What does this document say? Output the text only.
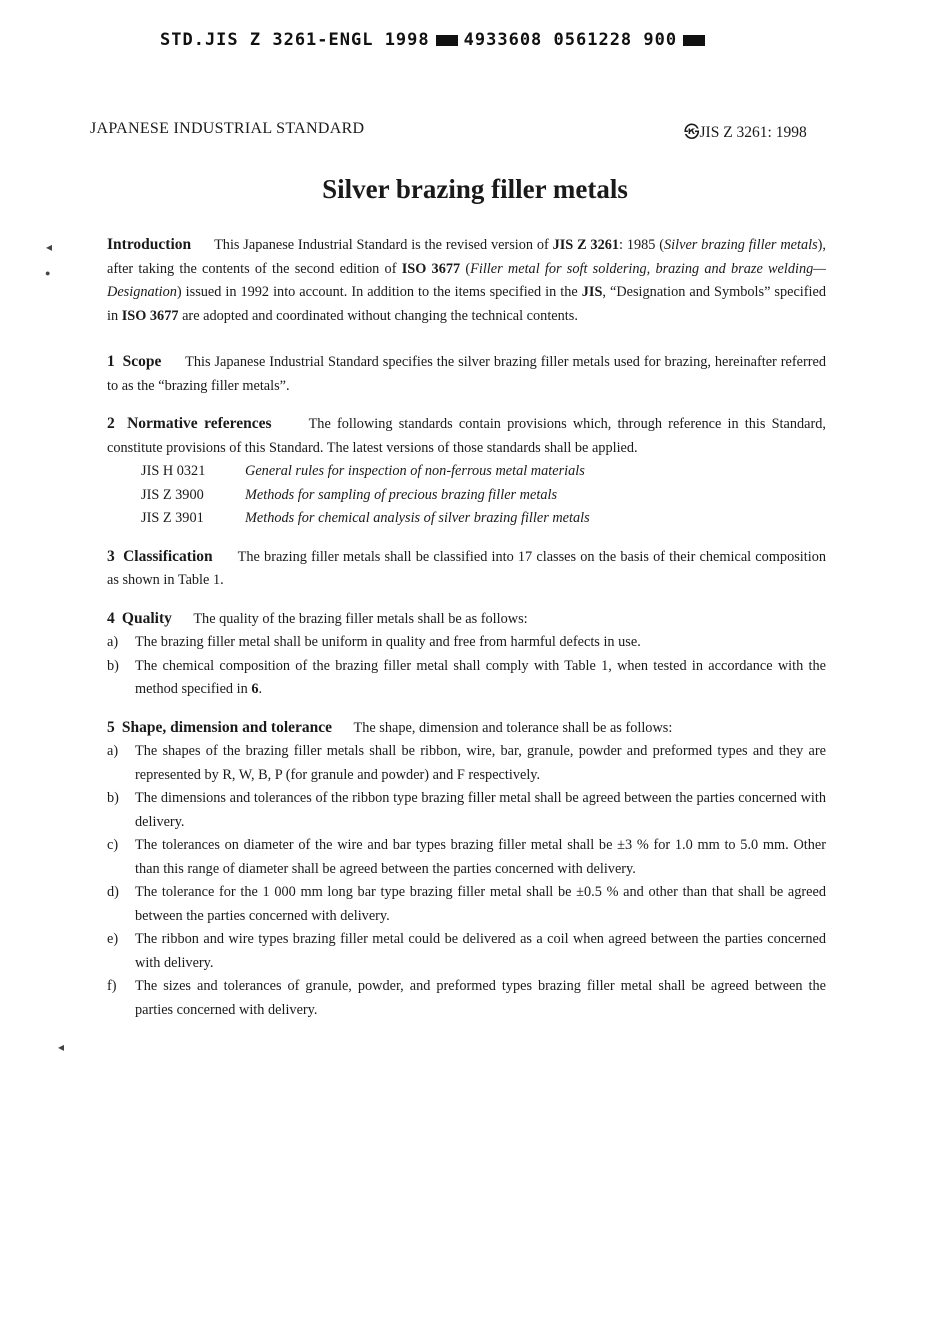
STD.JIS Z 3261-ENGL 1998 4933608 0561228 900
◂
●
◂
JAPANESE INDUSTRIAL STANDARD	㉿JIS Z 3261: 1998
Silver brazing filler metals

Introduction This Japanese Industrial Standard is the revised version of JIS Z 3261: 1985 (Silver brazing filler metals), after taking the contents of the second edition of ISO 3677 (Filler metal for soft soldering, brazing and braze welding—Designation) issued in 1992 into account. In addition to the items specified in the JIS, “Designation and Symbols” specified in ISO 3677 are adopted and coordinated without changing the technical contents.

1 Scope This Japanese Industrial Standard specifies the silver brazing filler metals used for brazing, hereinafter referred to as the “brazing filler metals”.

2 Normative references	The following standards contain provisions which, through reference in this Standard, constitute provisions of this Standard. The latest versions of those standards shall be applied.

JIS H 0321	General rules for inspection of non-ferrous metal materials
JIS Z 3900	Methods for sampling of precious brazing filler metals
JIS Z 3901	Methods for chemical analysis of silver brazing filler metals

3 Classification The brazing filler metals shall be classified into 17 classes on the basis of their chemical composition as shown in Table 1.

4 Quality The quality of the brazing filler metals shall be as follows:

a)	The brazing filler metal shall be uniform in quality and free from harmful defects in use.
b)	The chemical composition of the brazing filler metal shall comply with Table 1, when tested in accordance with the method specified in 6.

5 Shape, dimension and tolerance The shape, dimension and tolerance shall be as follows:

a)	The shapes of the brazing filler metals shall be ribbon, wire, bar, granule, powder and preformed types and they are represented by R, W, B, P (for granule and powder) and F respectively.
b)	The dimensions and tolerances of the ribbon type brazing filler metal shall be agreed between the parties concerned with delivery.
c)	The tolerances on diameter of the wire and bar types brazing filler metal shall be ±3 % for 1.0 mm to 5.0 mm. Other than this range of diameter shall be agreed between the parties concerned with delivery.
d)	The tolerance for the 1 000 mm long bar type brazing filler metal shall be ±0.5 % and other than that shall be agreed between the parties concerned with delivery.
e)	The ribbon and wire types brazing filler metal could be delivered as a coil when agreed between the parties concerned with delivery.
f)	The sizes and tolerances of granule, powder, and preformed types brazing filler metal shall be agreed between the parties concerned with delivery.
